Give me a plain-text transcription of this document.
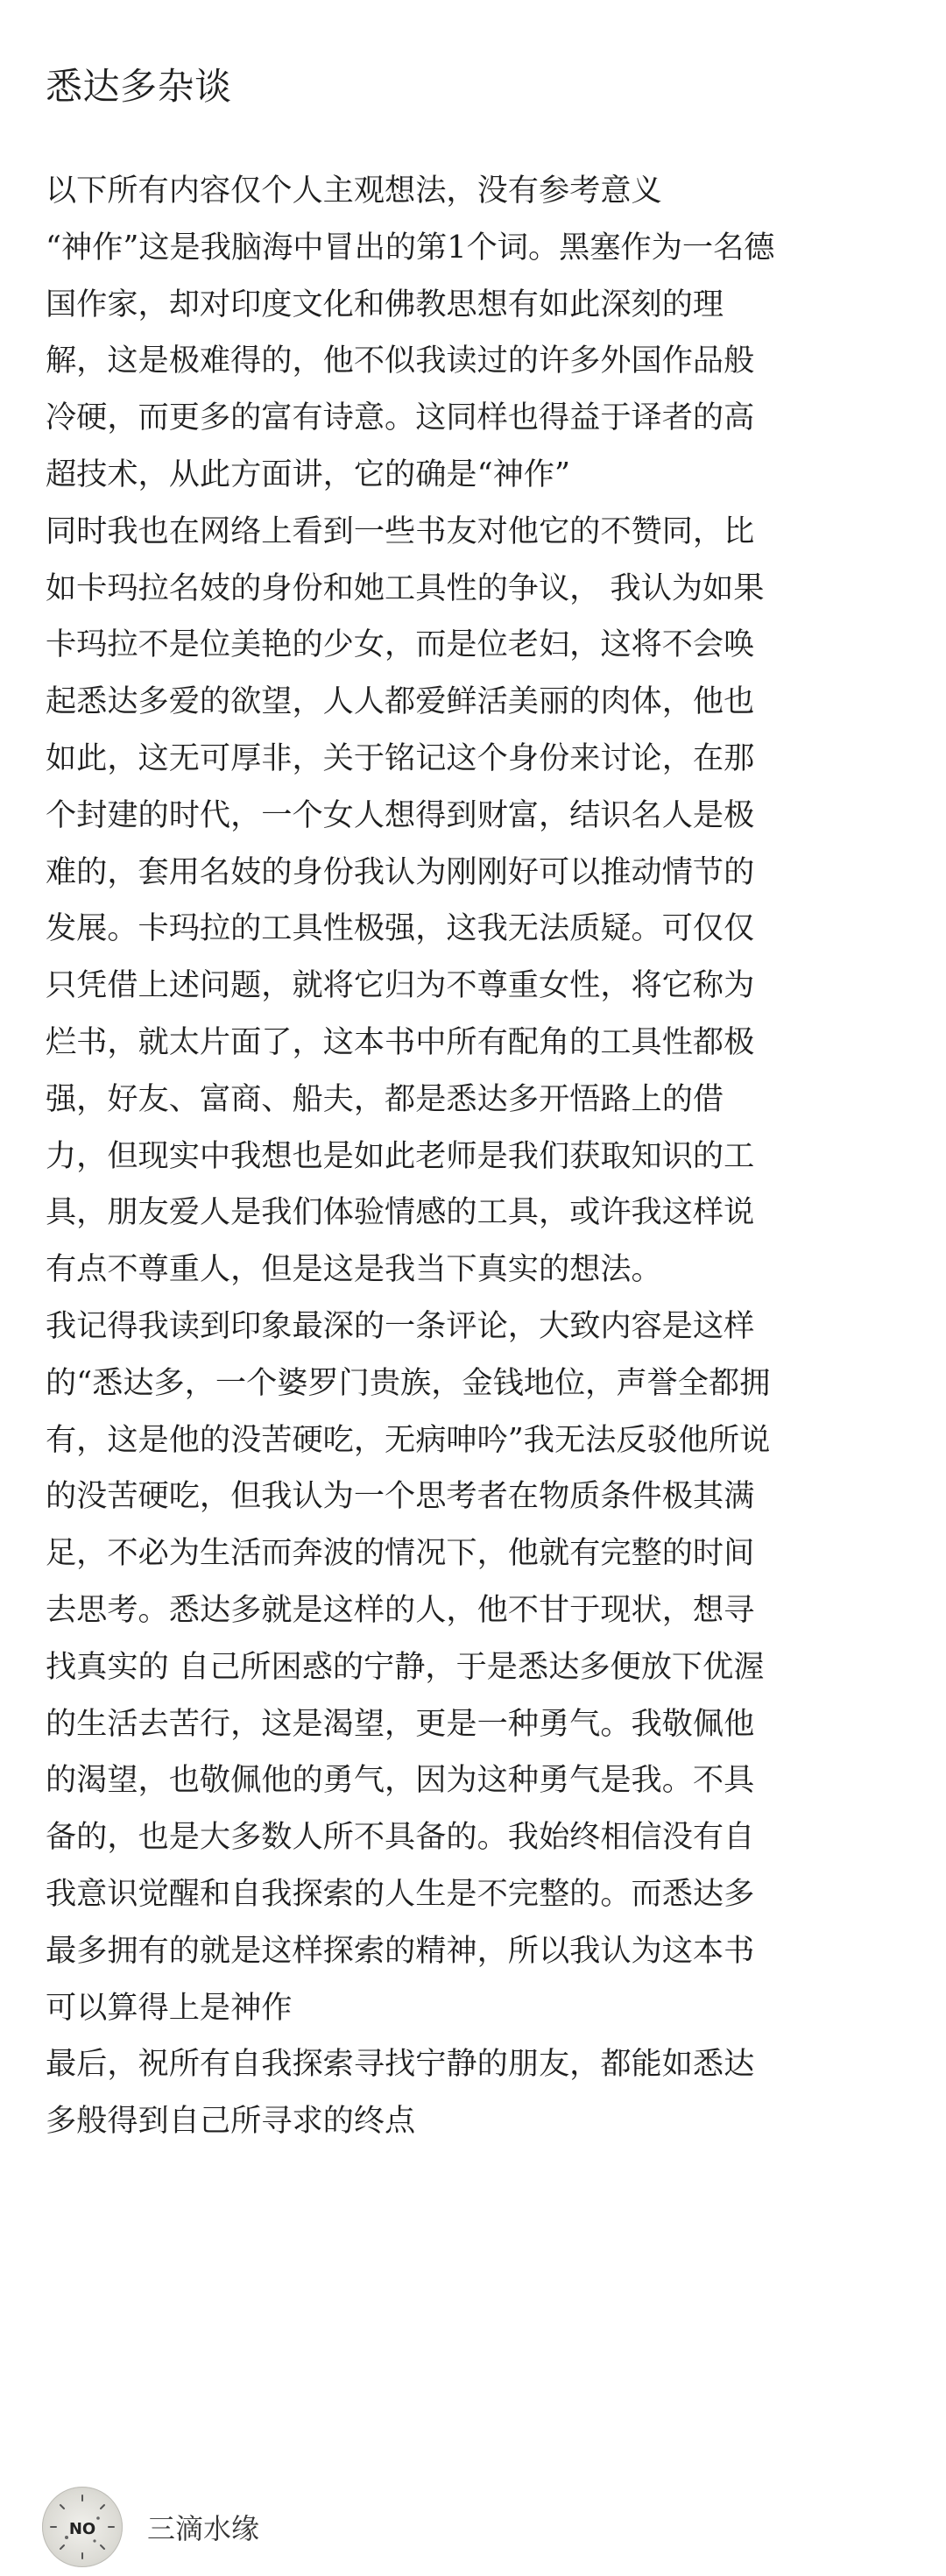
悉达多杂谈
以下所有内容仅个人主观想法，没有参考意义
“神作”这是我脑海中冒出的第1个词。黑塞作为一名德
国作家，却对印度文化和佛教思想有如此深刻的理
解，这是极难得的，他不似我读过的许多外国作品般
冷硬，而更多的富有诗意。这同样也得益于译者的高
超技术，从此方面讲，它的确是“神作”
同时我也在网络上看到一些书友对他它的不赞同，比
如卡玛拉名妓的身份和她工具性的争议， 我认为如果
卡玛拉不是位美艳的少女，而是位老妇，这将不会唤
起悉达多爱的欲望，人人都爱鲜活美丽的肉体，他也
如此，这无可厚非，关于铭记这个身份来讨论，在那
个封建的时代，一个女人想得到财富，结识名人是极
难的，套用名妓的身份我认为刚刚好可以推动情节的
发展。卡玛拉的工具性极强，这我无法质疑。可仅仅
只凭借上述问题，就将它归为不尊重女性，将它称为
烂书，就太片面了，这本书中所有配角的工具性都极
强，好友、富商、船夫，都是悉达多开悟路上的借
力，但现实中我想也是如此老师是我们获取知识的工
具，朋友爱人是我们体验情感的工具，或许我这样说
有点不尊重人，但是这是我当下真实的想法。
我记得我读到印象最深的一条评论，大致内容是这样
的“悉达多，一个婆罗门贵族，金钱地位，声誉全都拥
有，这是他的没苦硬吃，无病呻吟”我无法反驳他所说
的没苦硬吃，但我认为一个思考者在物质条件极其满
足，不必为生活而奔波的情况下，他就有完整的时间
去思考。悉达多就是这样的人，他不甘于现状，想寻
找真实的 自己所困惑的宁静，于是悉达多便放下优渥
的生活去苦行，这是渴望，更是一种勇气。我敬佩他
的渴望，也敬佩他的勇气，因为这种勇气是我。不具
备的，也是大多数人所不具备的。我始终相信没有自
我意识觉醒和自我探索的人生是不完整的。而悉达多
最多拥有的就是这样探索的精神，所以我认为这本书
可以算得上是神作
最后，祝所有自我探索寻找宁静的朋友，都能如悉达
多般得到自己所寻求的终点
NO 三滴水缘
